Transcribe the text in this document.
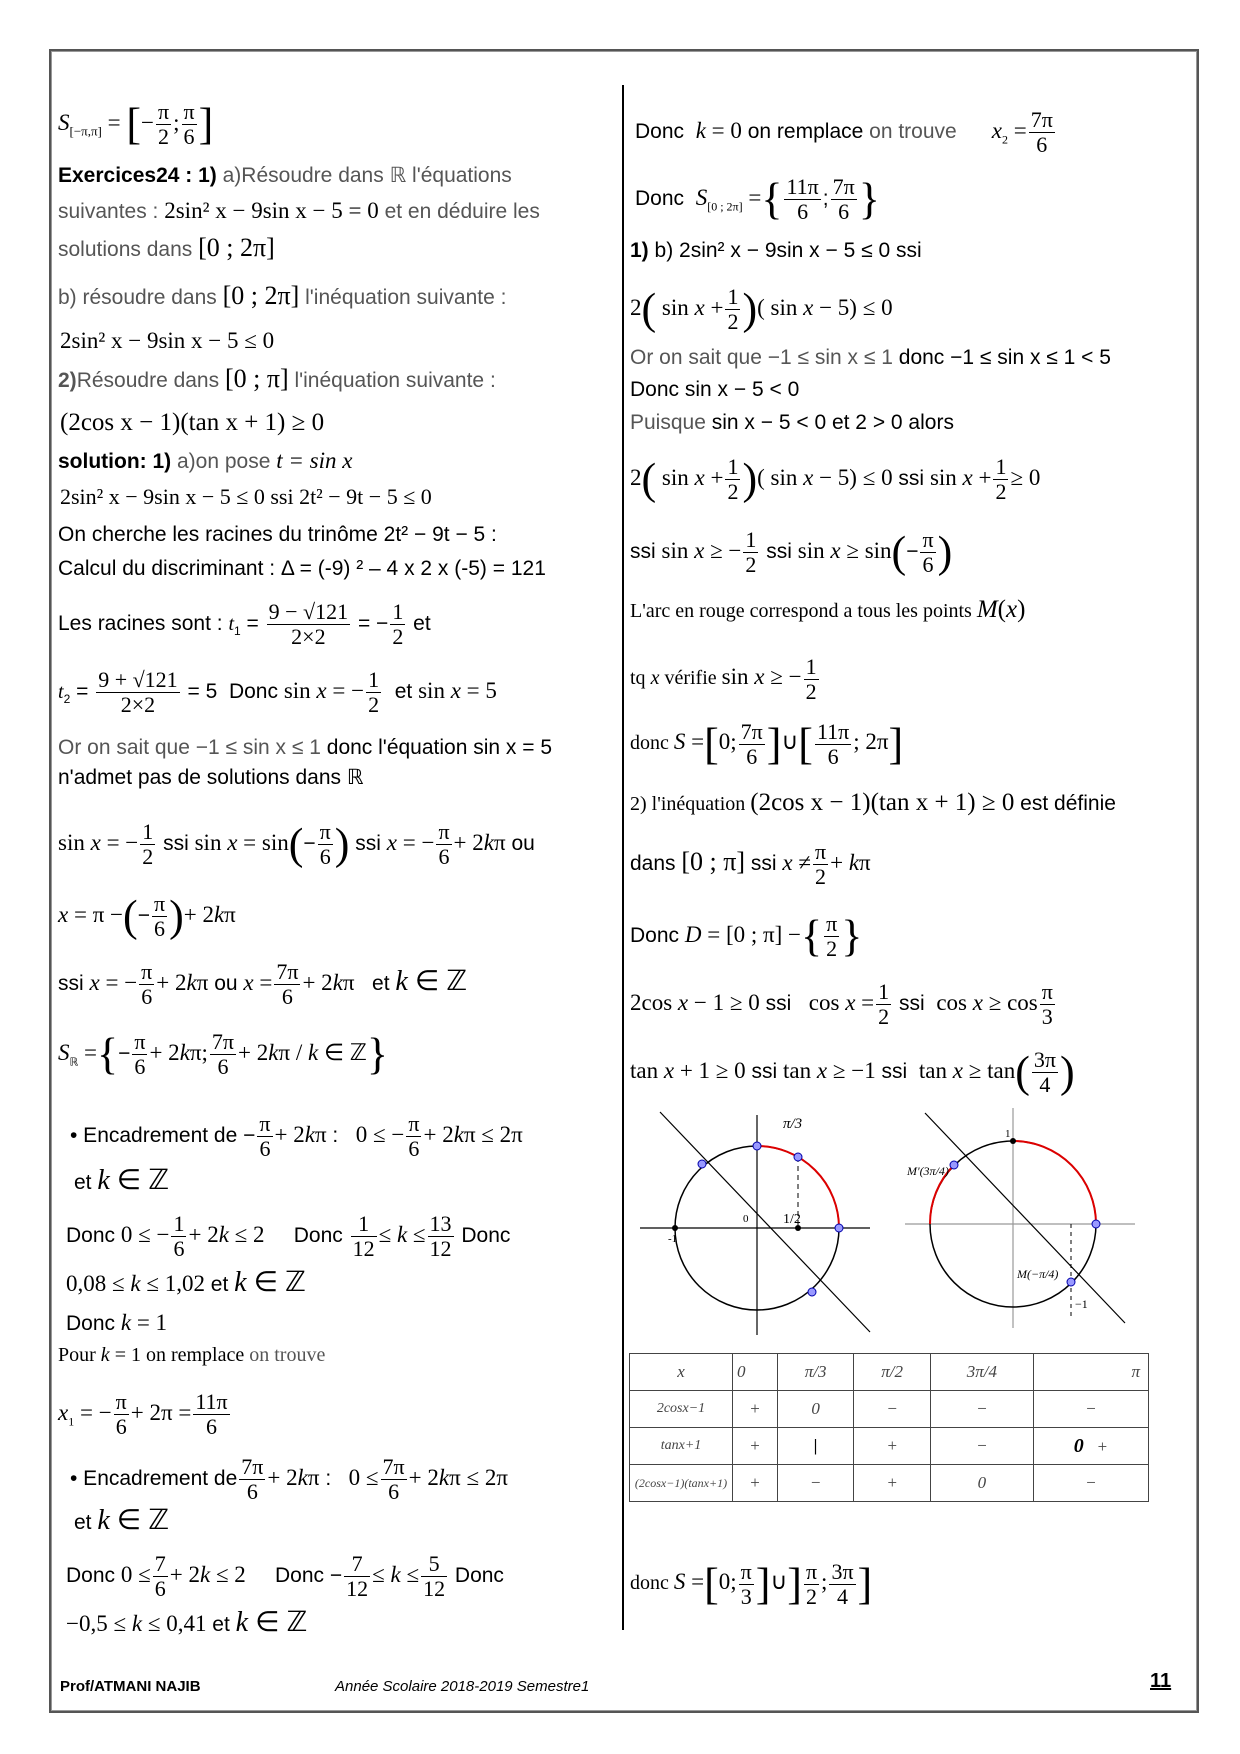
$S_{[-\pi,\pi]}$ = [− $\frac{\pi}{2}$ ; $\frac{\pi}{6}$ ]
Exercices24 : 1) a)Résoudre dans ℝ l'équations
suivantes : 2sin² x − 9sin x − 5 = 0 et en déduire les
solutions dans [0 ; 2π]
b) résoudre dans [0 ; 2π] l'inéquation suivante :
2sin² x − 9sin x − 5 ≤ 0
2)Résoudre dans [0 ; π] l'inéquation suivante :
(2cos x − 1)(tan x + 1) ≥ 0
solution: 1) a)on pose t = sin x
2sin² x − 9sin x − 5 ≤ 0 ssi 2t² − 9t − 5 ≤ 0
On cherche les racines du trinôme 2t² − 9t − 5 :
Calcul du discriminant : Δ = (-9) ² – 4 x 2 x (-5) = 121
Les racines sont : $t_1 = \frac{9 - √121}{2\times 2}$ = − $\frac{1}{2}$ et
$t_2 = \frac{9 + √121}{2\times 2} = 5$  Donc sin x = − $\frac{1}{2}$ et sin x = 5
Or on sait que −1 ≤ sin x ≤ 1 donc l'équation sin x = 5
n'admet pas de solutions dans ℝ
sin x = − $\frac{1}{2}$ ssi $\sin x = \sin(- \frac{\pi}{6}$ ) ssi x = − $\frac{\pi}{6} + 2k\pi$ ou
x = π −(− $\frac{\pi}{6}$ )+ 2kπ
ssi x = − $\frac{\pi}{6} + 2k\pi$ ou $x = \frac{7\pi}{6} + 2k\pi$   et k ∈ ℤ
$S_ℝ$ ={− $\frac{\pi}{6} + 2k\pi$; $\frac{7\pi}{6} + 2k\pi / k$ ∈ ℤ}
• Encadrement de − $\frac{\pi}{6} + 2k\pi$ :   0 ≤ − $\frac{\pi}{6} + 2k\pi \le 2\pi$
et k ∈ ℤ
Donc 0 ≤ − $\frac{1}{6} + 2k \le 2$     Donc $\frac{1}{12} \le k \le \frac{13}{12}$ Donc
0,08 ≤ k ≤ 1,02 et k ∈ ℤ
Donc k = 1
Pour k = 1 on remplace on trouve
$x_1$ = − $\frac{\pi}{6} + 2\pi = \frac{11\pi}{6}$
• Encadrement de $\frac{7\pi}{6} + 2k\pi$ :   $0 \le \frac{7\pi}{6} + 2k\pi \le 2\pi$
et k ∈ ℤ
Donc $0 \le \frac{7}{6} + 2k \le 2$     Donc − $\frac{7}{12} \le k \le \frac{5}{12}$ Donc
−0,5 ≤ k ≤ 0,41 et k ∈ ℤ
Donc  k = 0 on remplace on trouve $x_2 = \frac{7\pi}{6}$
Donc  $S_{[0 ; 2\pi]}$ ={ $\frac{11\pi}{6}$ ; $\frac{7\pi}{6}$ }
1) b) 2sin² x − 9sin x − 5 ≤ 0 ssi
2( $\sin x + \frac{1}{2}$ )( sin x − 5) ≤ 0
Or on sait que −1 ≤ sin x ≤ 1 donc −1 ≤ sin x ≤ 1 < 5
Donc sin x − 5 < 0
Puisque sin x − 5 < 0 et 2 > 0 alors
2( $\sin x + \frac{1}{2}$ )( sin x − 5) ≤ 0 ssi $\sin x + \frac{1}{2} \ge 0$
ssi sin x ≥ − $\frac{1}{2}$ ssi $\sin x \ge \sin(- \frac{\pi}{6}$ )
L'arc en rouge correspond a tous les points M(x)
tq x vérifie sin x ≥ − $\frac{1}{2}$
donc S =[0; $\frac{7\pi}{6}$ ]∪[ $\frac{11\pi}{6}$ ; 2π]
2) l'inéquation (2cos x − 1)(tan x + 1) ≥ 0 est définie
dans [0 ; π] ssi $x \ne \frac{\pi}{2} + k\pi$
Donc D = [0 ; π] −{ $\frac{\pi}{2}$ }
2cos x − 1 ≥ 0 ssi   $\cos x = \frac{1}{2}$ ssi  $\cos x \ge \cos \frac{\pi}{3}$
tan x + 1 ≥ 0 ssi tan x ≥ −1 ssi  $\tan x \ge \tan( \frac{3\pi}{4}$ )
π/3
1/2
0
-1
1
M'(3π/4)
M(−π/4)
−1
x	0	π/3	π/2	3π/4	π
2cosx−1	+	0	−	−	−
tanx+1	+	|	+	−	0 +
(2cosx−1)(tanx+1)	+	−	+	0	−
donc S =[0; $\frac{\pi}{3}$ ]∪] $\frac{\pi}{2}$ ; $\frac{3\pi}{4}$ ]
Prof/ATMANI NAJIB	Année Scolaire 2018-2019 Semestre1	11
